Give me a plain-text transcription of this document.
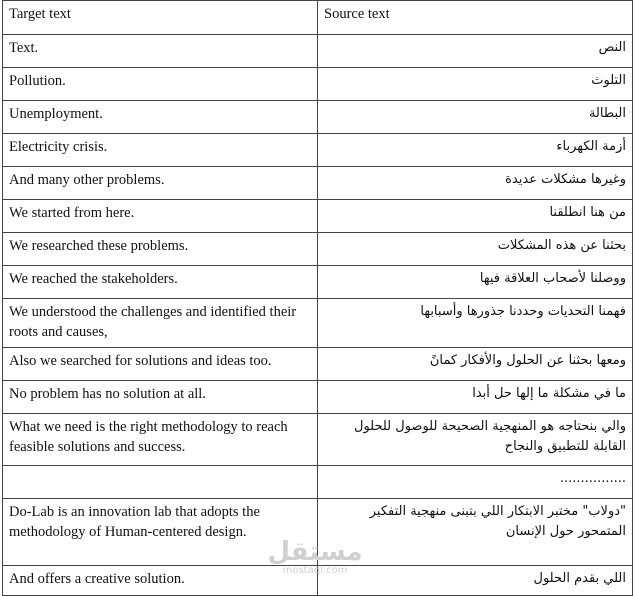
Target text	Source text
Text.	النص
Pollution.	التلوث
Unemployment.	البطالة
Electricity crisis.	أزمة الكهرباء
And many other problems.	وغيرها مشكلات عديدة
We started from here.	من هنا انطلقنا
We researched these problems.	بحثنا عن هذه المشكلات
We reached the stakeholders.	ووصلنا لأصحاب العلاقة فيها
We understood the challenges and identified their roots and causes,	فهمنا التحديات وحددنا جذورها وأسبابها
Also we searched for solutions and ideas too.	ومعها بحثنا عن الحلول والأفكار كمانً
No problem has no solution at all.	ما في مشكلة ما إلها حل أبدا
What we need is the right methodology to reach feasible solutions and success.	والي بنحتاجه هو المنهجية الصحيحة للوصول للحلول القابلة للتطبيق والنجاح
	................
Do-Lab is an innovation lab that adopts the methodology of Human-centered design.	"دولاب" مختبر الابتكار اللي بتبنى منهجية التفكير المتمحور حول الإنسان
And offers a creative solution.	اللي بقدم الحلول
مستقل
mostaql.com
